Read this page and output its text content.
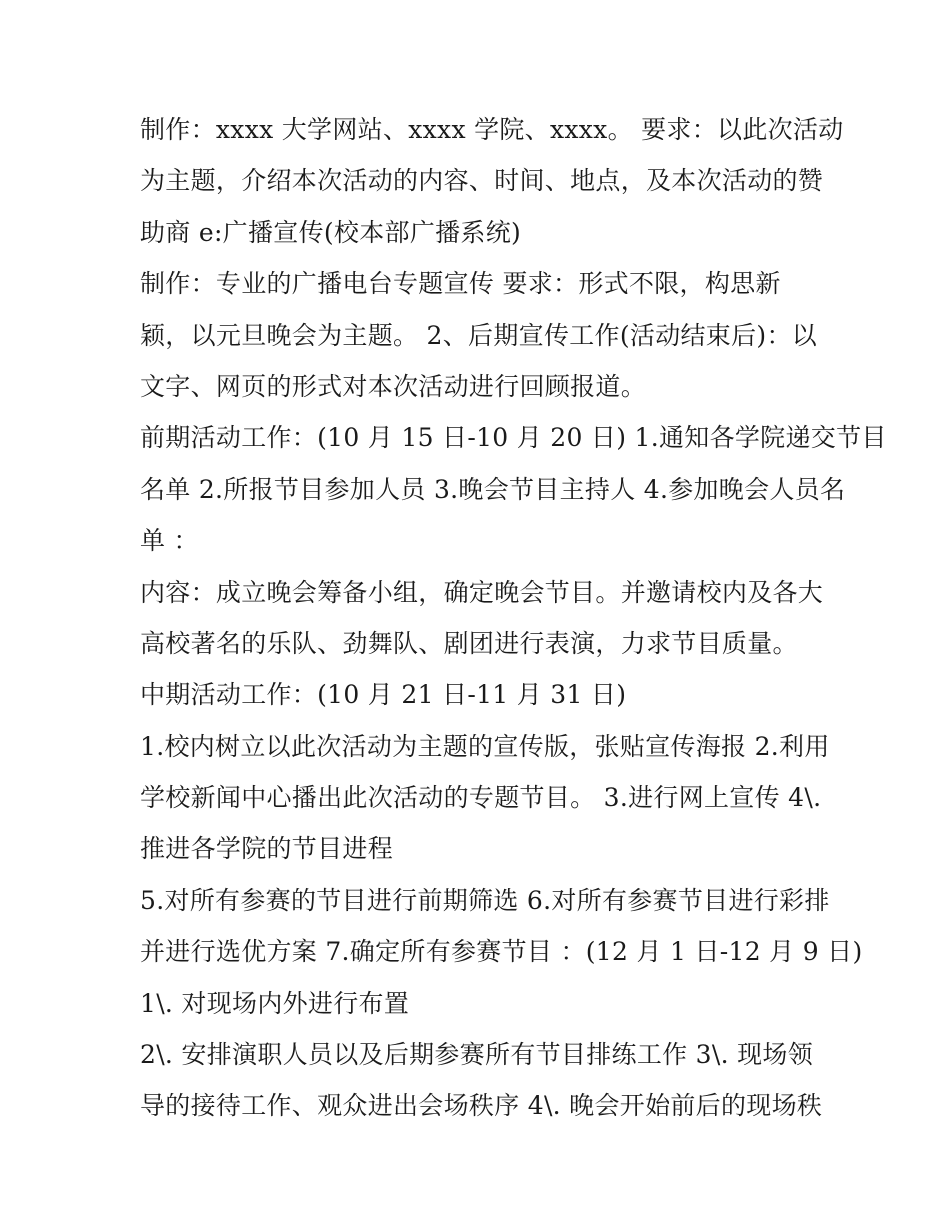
制作：xxxx 大学网站、xxxx 学院、xxxx。 要求：以此次活动
为主题，介绍本次活动的内容、时间、地点，及本次活动的赞
助商 e:广播宣传(校本部广播系统)
制作：专业的广播电台专题宣传 要求：形式不限，构思新
颖，以元旦晚会为主题。 2、后期宣传工作(活动结束后)：以
文字、网页的形式对本次活动进行回顾报道。
前期活动工作：(10 月 15 日-10 月 20 日) 1.通知各学院递交节目
名单 2.所报节目参加人员 3.晚会节目主持人 4.参加晚会人员名
单 ：
内容：成立晚会筹备小组，确定晚会节目。并邀请校内及各大
高校著名的乐队、劲舞队、剧团进行表演，力求节目质量。
中期活动工作：(10 月 21 日-11 月 31 日)
1.校内树立以此次活动为主题的宣传版，张贴宣传海报 2.利用
学校新闻中心播出此次活动的专题节目。 3.进行网上宣传 4\.
推进各学院的节目进程
5.对所有参赛的节目进行前期筛选 6.对所有参赛节目进行彩排
并进行选优方案 7.确定所有参赛节目 ：(12 月 1 日-12 月 9 日)
1\. 对现场内外进行布置
2\. 安排演职人员以及后期参赛所有节目排练工作 3\. 现场领
导的接待工作、观众进出会场秩序 4\. 晚会开始前后的现场秩
